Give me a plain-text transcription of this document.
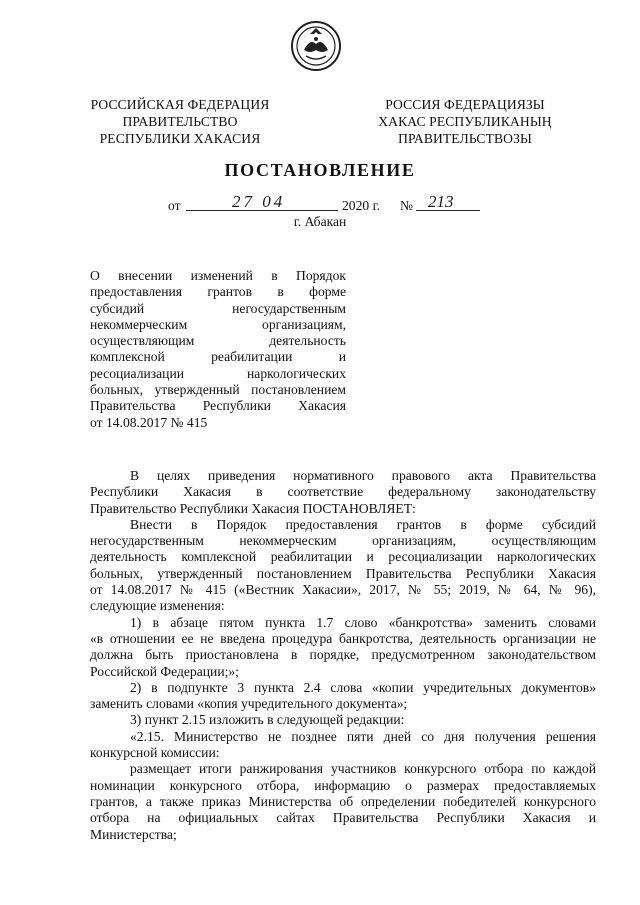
РОССИЙСКАЯ ФЕДЕРАЦИЯ
ПРАВИТЕЛЬСТВО
РЕСПУБЛИКИ ХАКАСИЯ
РОССИЯ ФЕДЕРАЦИЯЗЫ
ХАКАС РЕСПУБЛИКАНЫҢ
ПРАВИТЕЛЬСТВОЗЫ
ПОСТАНОВЛЕНИЕ
от	27 04	2020 г. № 213
г. Абакан
О внесении изменений в Порядок
предоставления грантов в форме
субсидий негосударственным
некоммерческим организациям,
осуществляющим деятельность
комплексной реабилитации и
ресоциализации наркологических
больных, утвержденный постановлением
Правительства Республики Хакасия
от 14.08.2017 № 415
В целях приведения нормативного правового акта Правительства
Республики Хакасия в соответствие федеральному законодательству
Правительство Республики Хакасия ПОСТАНОВЛЯЕТ:
Внести в Порядок предоставления грантов в форме субсидий
негосударственным некоммерческим организациям, осуществляющим
деятельность комплексной реабилитации и ресоциализации наркологических
больных, утвержденный постановлением Правительства Республики Хакасия
от 14.08.2017 № 415 («Вестник Хакасии», 2017, № 55; 2019, № 64, № 96),
следующие изменения:
1) в абзаце пятом пункта 1.7 слово «банкротства» заменить словами
«в отношении ее не введена процедура банкротства, деятельность организации не
должна быть приостановлена в порядке, предусмотренном законодательством
Российской Федерации;»;
2) в подпункте 3 пункта 2.4 слова «копии учредительных документов»
заменить словами «копия учредительного документа»;
3) пункт 2.15 изложить в следующей редакции:
«2.15. Министерство не позднее пяти дней со дня получения решения
конкурсной комиссии:
размещает итоги ранжирования участников конкурсного отбора по каждой
номинации конкурсного отбора, информацию о размерах предоставляемых
грантов, а также приказ Министерства об определении победителей конкурсного
отбора на официальных сайтах Правительства Республики Хакасия и
Министерства;
